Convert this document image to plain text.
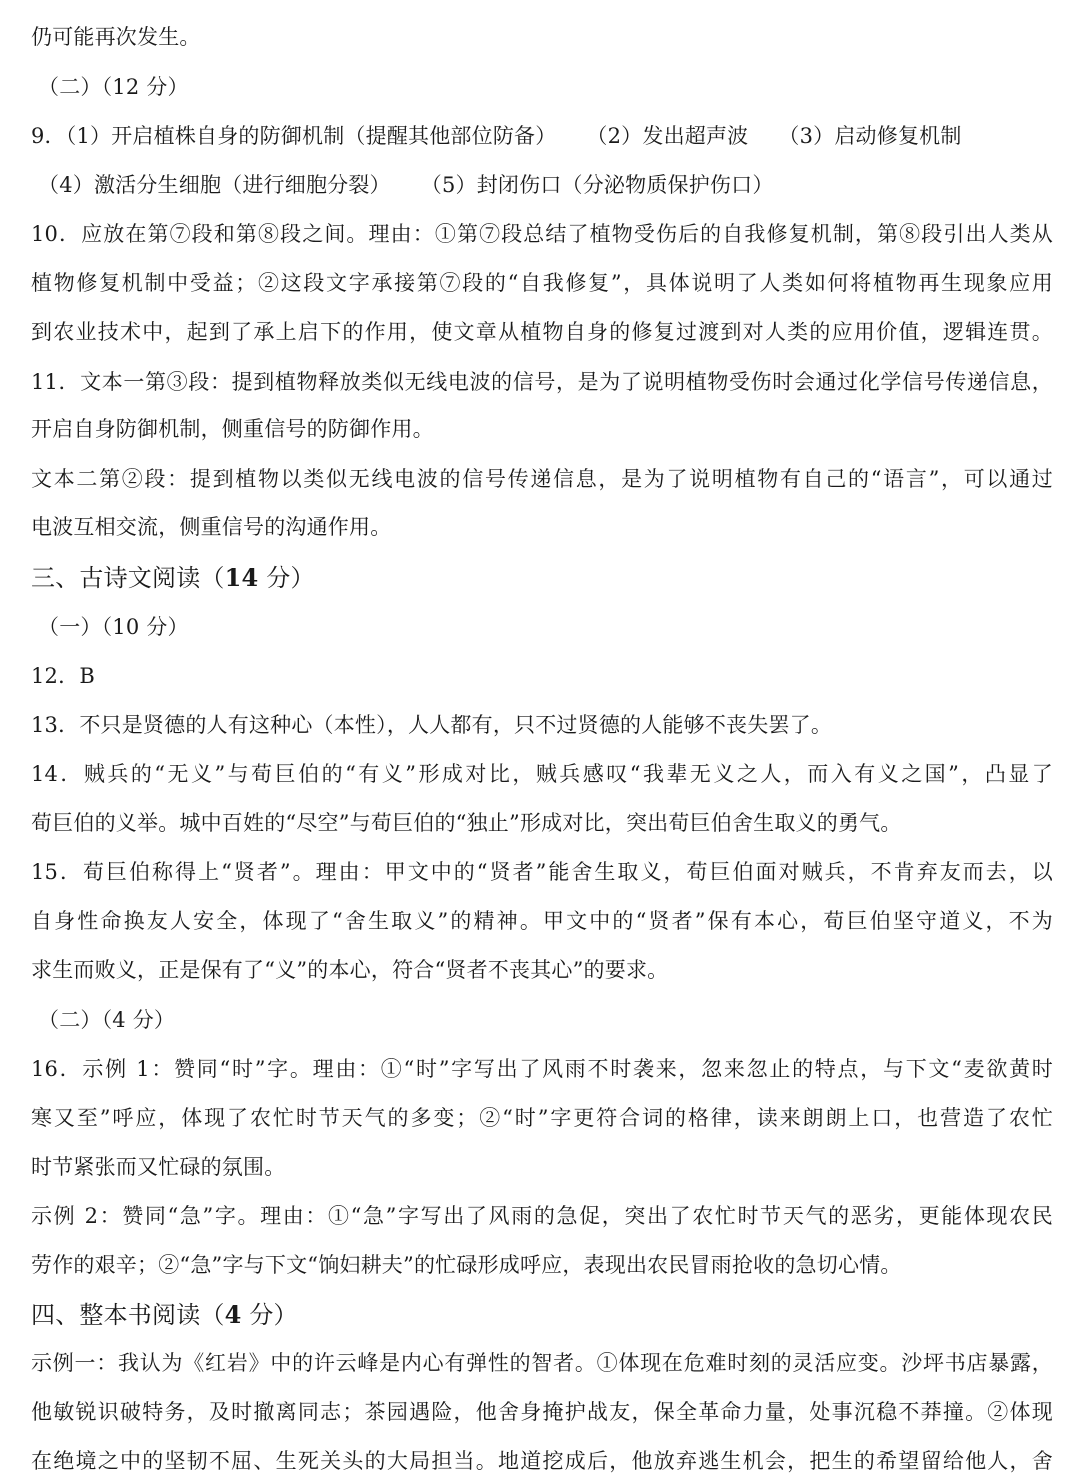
仍可能再次发生。

（二）（12 分）

9．（1）开启植株自身的防御机制（提醒其他部位防备） （2）发出超声波 （3）启动修复机制

（4）激活分生细胞（进行细胞分裂） （5）封闭伤口（分泌物质保护伤口）

10．应放在第⑦段和第⑧段之间。理由：①第⑦段总结了植物受伤后的自我修复机制，第⑧段引出人类从

植物修复机制中受益；②这段文字承接第⑦段的“自我修复”，具体说明了人类如何将植物再生现象应用

到农业技术中，起到了承上启下的作用，使文章从植物自身的修复过渡到对人类的应用价值，逻辑连贯。

11．文本一第③段：提到植物释放类似无线电波的信号，是为了说明植物受伤时会通过化学信号传递信息，

开启自身防御机制，侧重信号的防御作用。

文本二第②段：提到植物以类似无线电波的信号传递信息，是为了说明植物有自己的“语言”，可以通过

电波互相交流，侧重信号的沟通作用。

三、古诗文阅读（14 分）

（一）（10 分）

12．B

13．不只是贤德的人有这种心（本性），人人都有，只不过贤德的人能够不丧失罢了。

14．贼兵的“无义”与荀巨伯的“有义”形成对比，贼兵感叹“我辈无义之人，而入有义之国”，凸显了

荀巨伯的义举。城中百姓的“尽空”与荀巨伯的“独止”形成对比，突出荀巨伯舍生取义的勇气。

15．荀巨伯称得上“贤者”。理由：甲文中的“贤者”能舍生取义，荀巨伯面对贼兵，不肯弃友而去，以

自身性命换友人安全，体现了“舍生取义”的精神。甲文中的“贤者”保有本心，荀巨伯坚守道义，不为

求生而败义，正是保有了“义”的本心，符合“贤者不丧其心”的要求。

（二）（4 分）

16．示例 1：赞同“时”字。理由：①“时”字写出了风雨不时袭来，忽来忽止的特点，与下文“麦欲黄时

寒又至”呼应，体现了农忙时节天气的多变；②“时”字更符合词的格律，读来朗朗上口，也营造了农忙

时节紧张而又忙碌的氛围。

示例 2：赞同“急”字。理由：①“急”字写出了风雨的急促，突出了农忙时节天气的恶劣，更能体现农民

劳作的艰辛；②“急”字与下文“饷妇耕夫”的忙碌形成呼应，表现出农民冒雨抢收的急切心情。

四、整本书阅读（4 分）

示例一：我认为《红岩》中的许云峰是内心有弹性的智者。①体现在危难时刻的灵活应变。沙坪书店暴露，

他敏锐识破特务，及时撤离同志；茶园遇险，他舍身掩护战友，保全革命力量，处事沉稳不莽撞。②体现

在绝境之中的坚韧不屈、生死关头的大局担当。地道挖成后，他放弃逃生机会，把生的希望留给他人，舍
